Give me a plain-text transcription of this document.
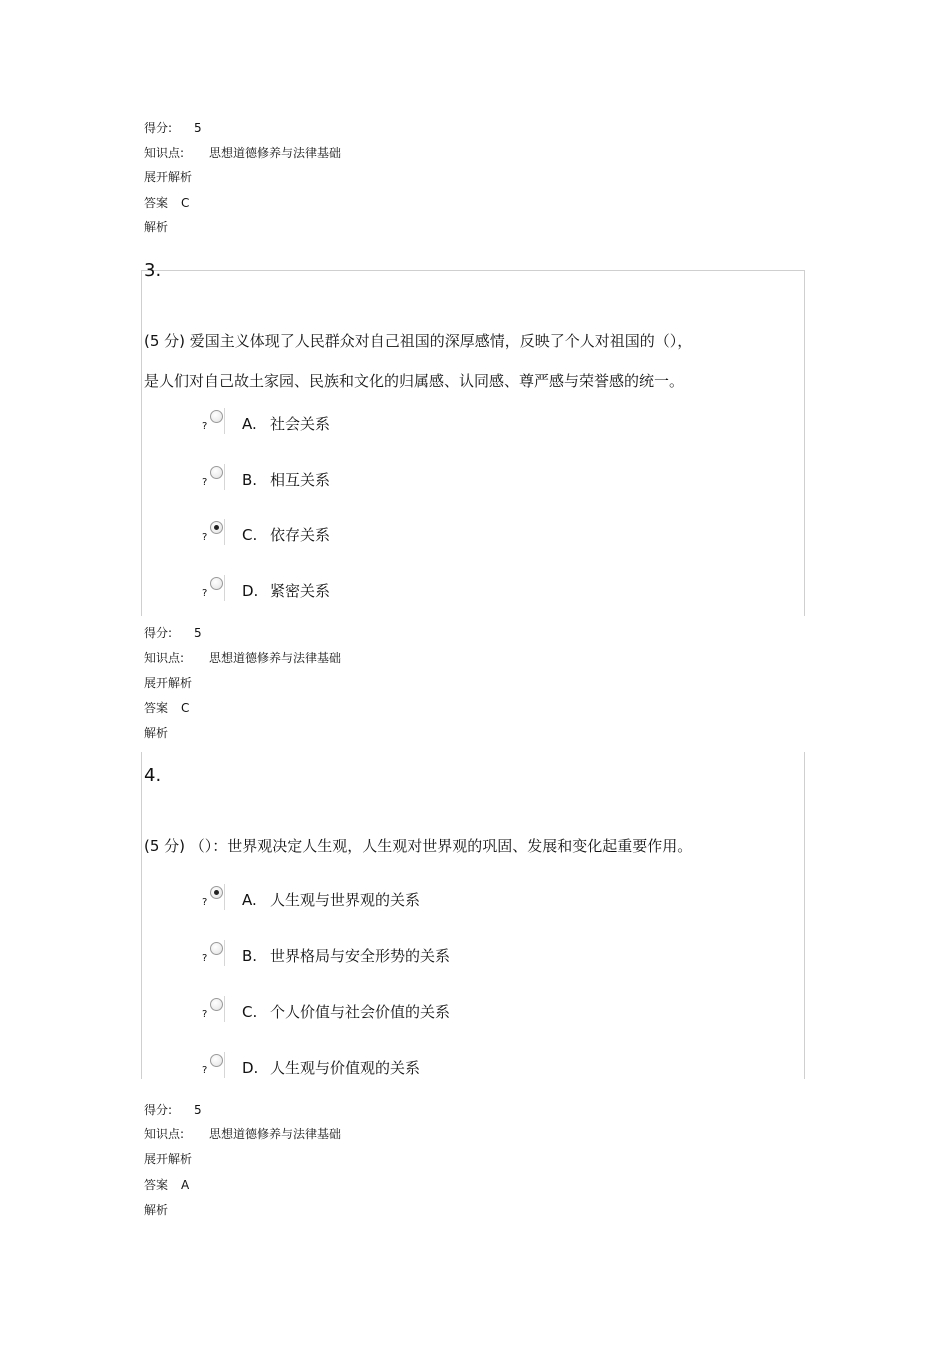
得分: 5
知识点: 思想道德修养与法律基础
展开解析
答案 C
解析
3.
(5 分) 爱国主义体现了人民群众对自己祖国的深厚感情，反映了个人对祖国的（），
是人们对自己故土家园、民族和文化的归属感、认同感、尊严感与荣誉感的统一。
? A. 社会关系
? B. 相互关系
? C. 依存关系
? D. 紧密关系
得分: 5
知识点: 思想道德修养与法律基础
展开解析
答案 C
解析
4.
(5 分) （）：世界观决定人生观，人生观对世界观的巩固、发展和变化起重要作用。
? A. 人生观与世界观的关系
? B. 世界格局与安全形势的关系
? C. 个人价值与社会价值的关系
? D. 人生观与价值观的关系
得分: 5
知识点: 思想道德修养与法律基础
展开解析
答案 A
解析
